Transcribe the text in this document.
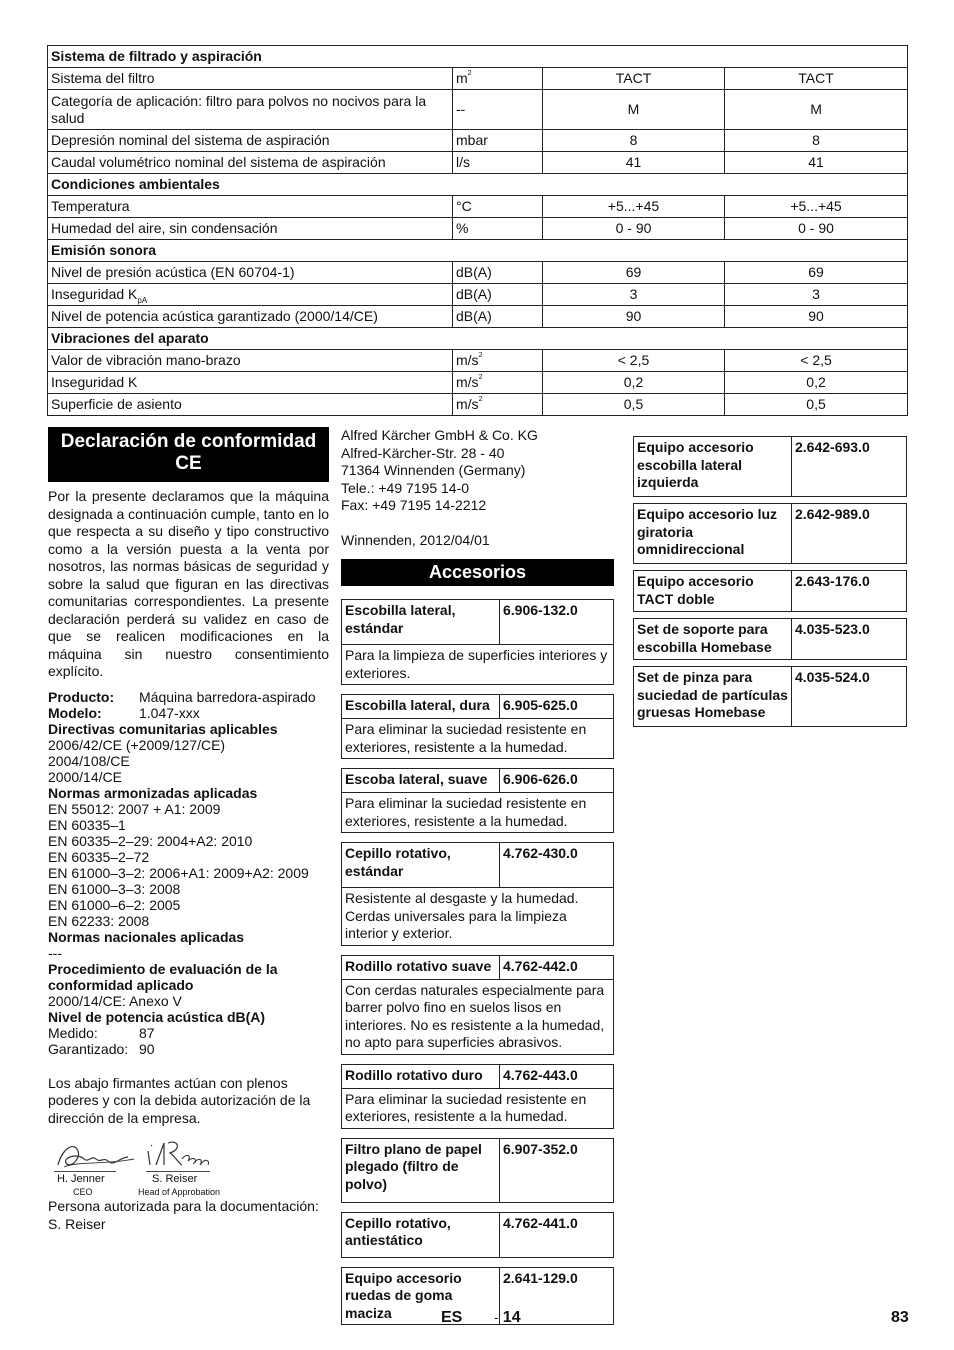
Sistema de filtrado y aspiración			
Sistema del filtro	$m^2$	TACT	TACT
Categoría de aplicación: filtro para polvos no nocivos para la salud	--	M	M
Depresión nominal del sistema de aspiración	mbar	8	8
Caudal volumétrico nominal del sistema de aspiración	l/s	41	41
Condiciones ambientales			
Temperatura	°C	+5...+45	+5...+45
Humedad del aire, sin condensación	%	0 - 90	0 - 90
Emisión sonora			
Nivel de presión acústica (EN 60704-1)	dB(A)	69	69
Inseguridad $K_{pA}$	dB(A)	3	3
Nivel de potencia acústica garantizado (2000/14/CE)	dB(A)	90	90
Vibraciones del aparato			
Valor de vibración mano-brazo	$m/s^2$	< 2,5	< 2,5
Inseguridad K	$m/s^2$	0,2	0,2
Superficie de asiento	$m/s^2$	0,5	0,5
Declaración de conformidad CE

Por la presente declaramos que la máquina designada a continuación cumple, tanto en lo que respecta a su diseño y tipo constructivo como a la versión puesta a la venta por nosotros, las normas básicas de seguridad y sobre la salud que figuran en las directivas comunitarias correspondientes. La presente declaración perderá su validez en caso de que se realicen modificaciones en la máquina sin nuestro consentimiento explícito.

Producto:	Máquina barredora-aspirado
Modelo:	1.047-xxx
Directivas comunitarias aplicables
2006/42/CE (+2009/127/CE)
2004/108/CE
2000/14/CE
Normas armonizadas aplicadas
EN 55012: 2007 + A1: 2009
EN 60335–1
EN 60335–2–29: 2004+A2: 2010
EN 60335–2–72
EN 61000–3–2: 2006+A1: 2009+A2: 2009
EN 61000–3–3: 2008
EN 61000–6–2: 2005
EN 62233: 2008
Normas nacionales aplicadas
---
Procedimiento de evaluación de la conformidad aplicado
2000/14/CE: Anexo V
Nivel de potencia acústica dB(A)
Medido:	87
Garantizado: 90

Los abajo firmantes actúan con plenos poderes y con la debida autorización de la dirección de la empresa.

H. Jenner
CEO
S. Reiser
Head of Approbation

Persona autorizada para la documentación:

S. Reiser

Alfred Kärcher GmbH & Co. KG
Alfred-Kärcher-Str. 28 - 40
71364 Winnenden (Germany)
Tele.: +49 7195 14-0
Fax: +49 7195 14-2212
Winnenden, 2012/04/01
Accesorios
Escobilla lateral, estándar
6.906-132.0
Para la limpieza de superficies interiores y exteriores.
Escobilla lateral, dura 6.905-625.0
Para eliminar la suciedad resistente en exteriores, resistente a la humedad.
Escoba lateral, suave	6.906-626.0
Para eliminar la suciedad resistente en exteriores, resistente a la humedad.
Cepillo rotativo, estándar
4.762-430.0
Resistente al desgaste y la humedad. Cerdas universales para la limpieza interior y exterior.
Rodillo rotativo suave 4.762-442.0
Con cerdas naturales especialmente para barrer polvo fino en suelos lisos en interiores. No es resistente a la humedad, no apto para superficies abrasivos.
Rodillo rotativo duro	4.762-443.0
Para eliminar la suciedad resistente en exteriores, resistente a la humedad.
Filtro plano de papel plegado (filtro de polvo)
6.907-352.0
Cepillo rotativo, antiestático
4.762-441.0
Equipo accesorio ruedas de goma maciza
2.641-129.0
Equipo accesorio escobilla lateral izquierda
2.642-693.0
Equipo accesorio luz giratoria omnidireccional
2.642-989.0
Equipo accesorio TACT doble
2.643-176.0
Set de soporte para escobilla Homebase
4.035-523.0
Set de pinza para suciedad de partículas gruesas Homebase
4.035-524.0
ES - 14	83
